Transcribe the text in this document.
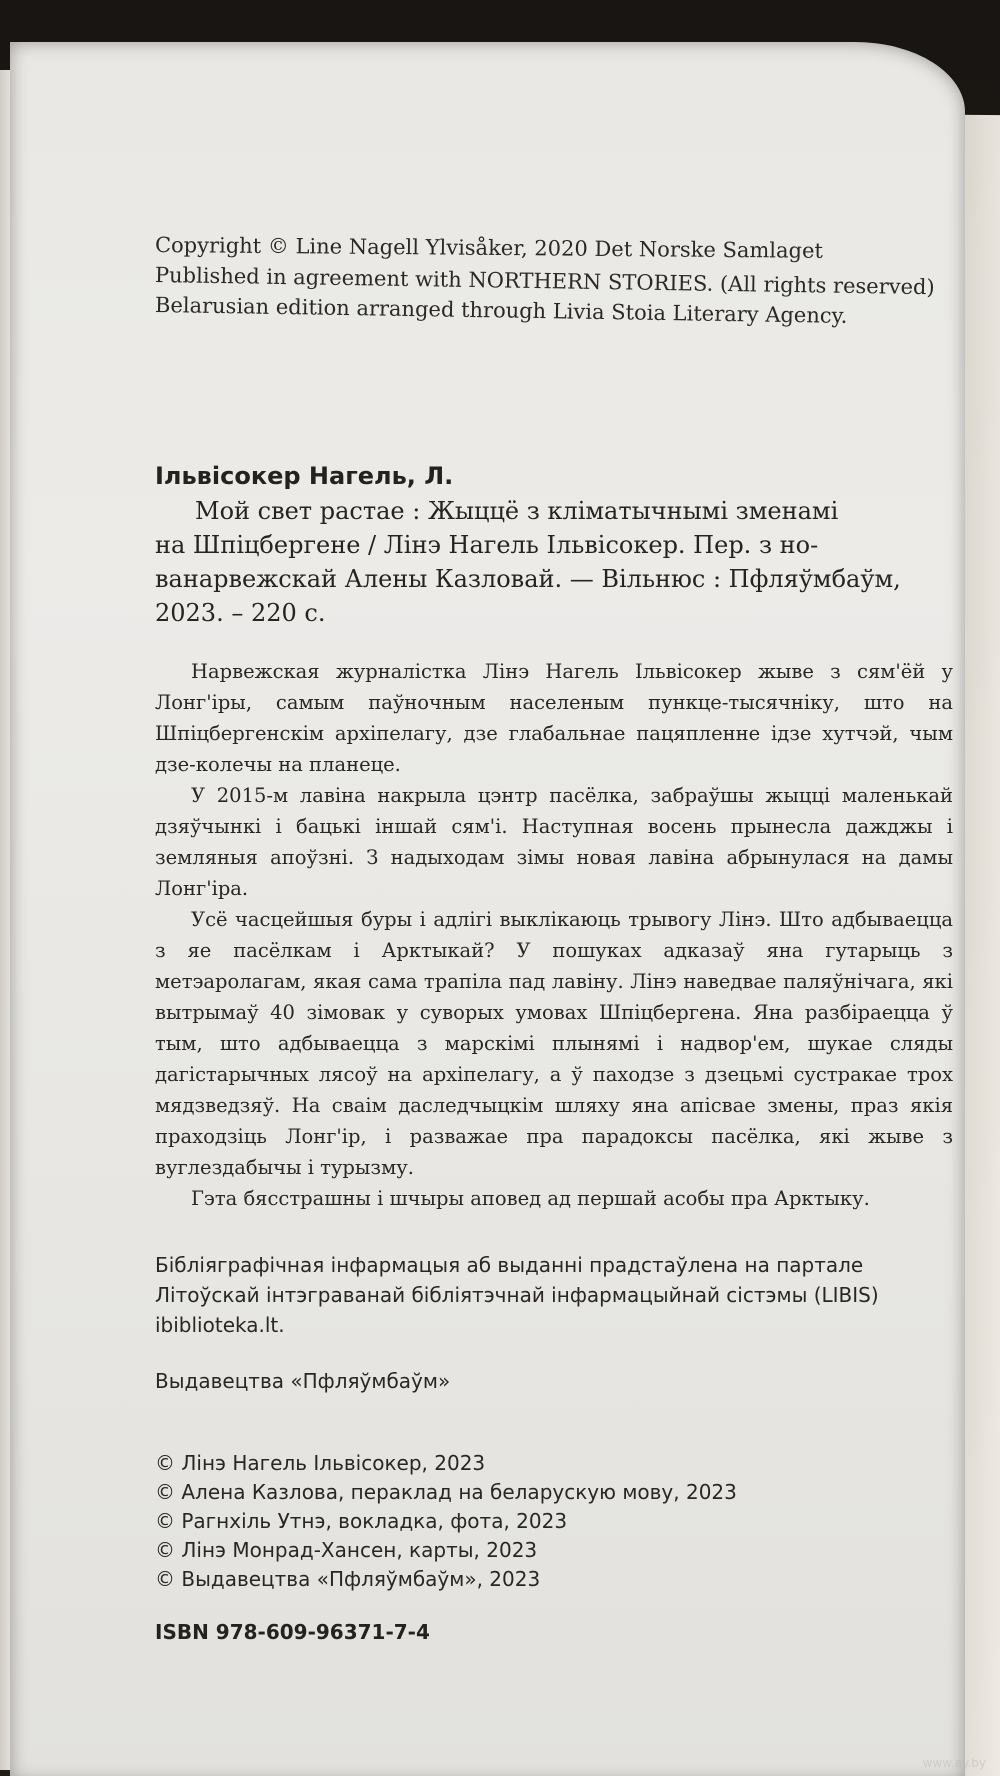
Copyright © Line Nagell Ylvisåker, 2020 Det Norske Samlaget
Published in agreement with NORTHERN STORIES. (All rights reserved)
Belarusian edition arranged through Livia Stoia Literary Agency.
Ільвісокер Нагель, Л.
Мой свет растае : Жыццё з кліматычнымі зменамі
на Шпіцбергене / Лінэ Нагель Ільвісокер. Пер. з но-
ванарвежскай Алены Казловай. — Вільнюс : Пфляўмбаўм,
2023. – 220 с.

Нарвежская журналістка Лінэ Нагель Ільвісокер жыве з сям'ёй у Лонг'іры, самым паўночным населеным пункце-тысячніку, што на Шпіцбергенскім архіпелагу, дзе глабальнае пацяпленне ідзе хутчэй, чым дзе-колечы на планеце.

У 2015-м лавіна накрыла цэнтр пасёлка, забраўшы жыцці маленькай дзяўчынкі і бацькі іншай сям'і. Наступная восень прынесла дажджы і земляныя апоўзні. З надыходам зімы новая лавіна абрынулася на дамы Лонг'іра.

Усё часцейшыя буры і адлігі выклікаюць трывогу Лінэ. Што адбываецца з яе пасёлкам і Арктыкай? У пошуках адказаў яна гутарыць з метэаролагам, якая сама трапіла пад лавіну. Лінэ наведвае паляўнічага, які вытрымаў 40 зімовак у суворых умовах Шпіцбергена. Яна разбіраецца ў тым, што адбываецца з марскімі плынямі і надвор'ем, шукае сляды дагістарычных лясоў на архіпелагу, а ў паходзе з дзецьмі сустракае трох мядзведзяў. На сваім даследчыцкім шляху яна апісвае змены, праз якія праходзіць Лонг'ір, і разважае пра парадоксы пасёлка, які жыве з вуглездабычы і турызму.

Гэта бясстрашны і шчыры аповед ад першай асобы пра Арктыку.

Бібліяграфічная інфармацыя аб выданні прадстаўлена на партале
Літоўскай інтэграванай бібліятэчнай інфармацыйнай сістэмы (LIBIS)
ibiblioteka.lt.
Выдавецтва «Пфляўмбаўм»
© Лінэ Нагель Ільвісокер, 2023
© Алена Казлова, пераклад на беларускую мову, 2023
© Рагнхіль Утнэ, вокладка, фота, 2023
© Лінэ Монрад-Хансен, карты, 2023
© Выдавецтва «Пфляўмбаўм», 2023
ISBN 978-609-96371-7-4
www.ay.by
